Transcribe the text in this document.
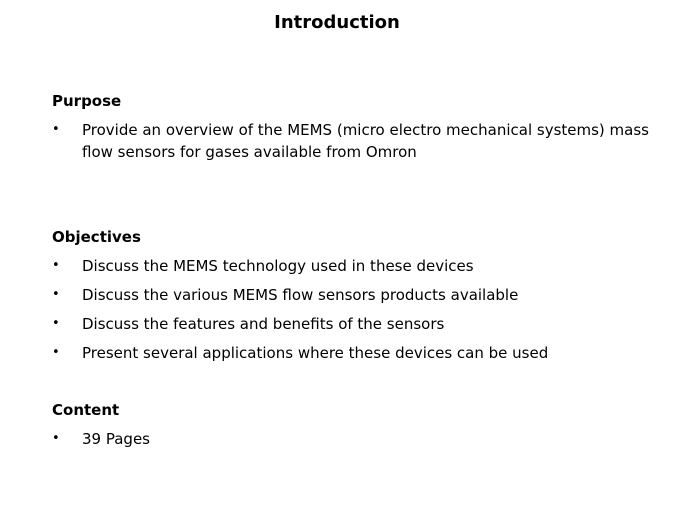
Introduction
Purpose
• Provide an overview of the MEMS (micro electro mechanical systems) mass flow sensors for gases available from Omron
Objectives
• Discuss the MEMS technology used in these devices
• Discuss the various MEMS flow sensors products available
• Discuss the features and benefits of the sensors
• Present several applications where these devices can be used
Content
• 39 Pages
